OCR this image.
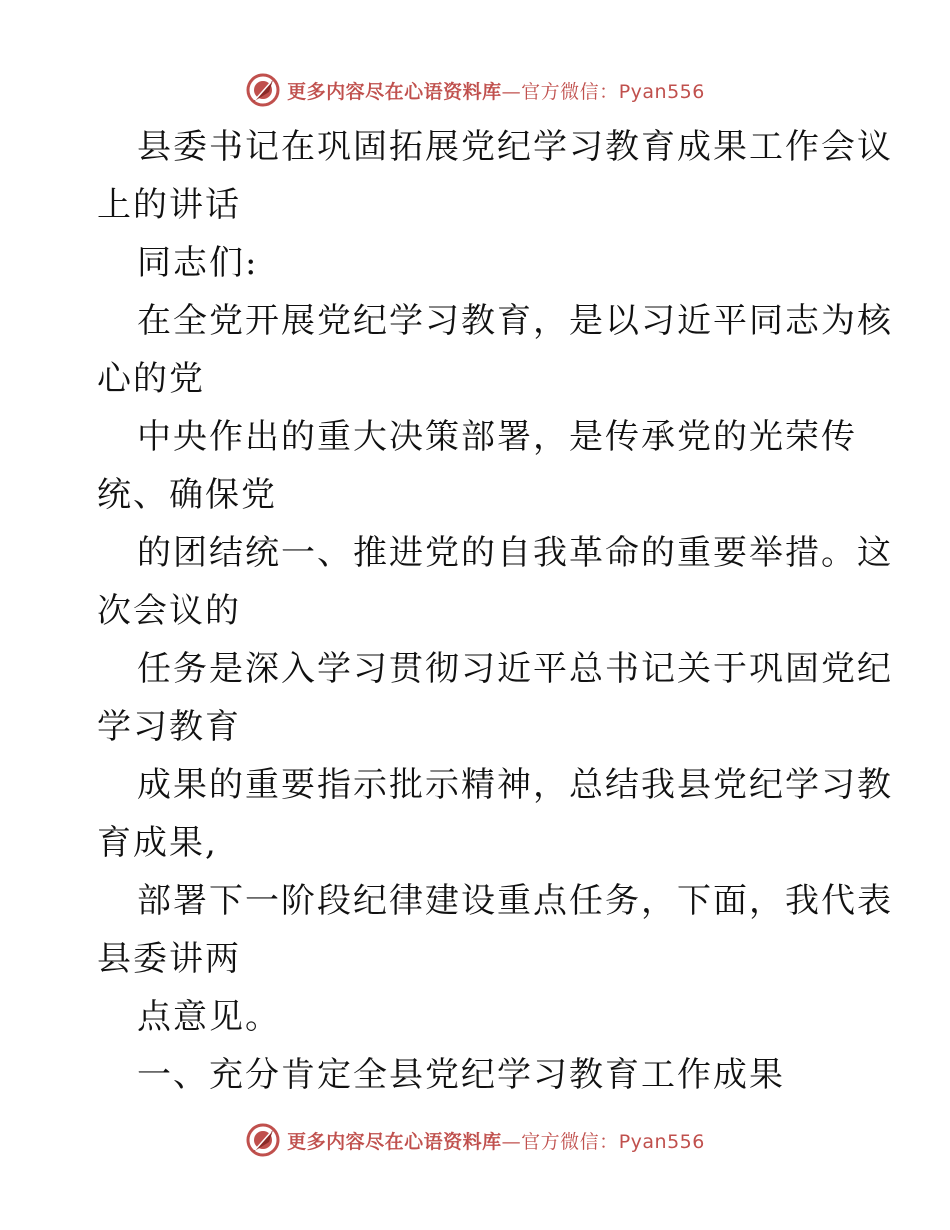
更多内容尽在心语资料库—官方微信：Pyan556
县委书记在巩固拓展党纪学习教育成果工作会议
上的讲话
同志们:
在全党开展党纪学习教育，是以习近平同志为核
心的党
中央作出的重大决策部署，是传承党的光荣传
统、确保党
的团结统一、推进党的自我革命的重要举措。这
次会议的
任务是深入学习贯彻习近平总书记关于巩固党纪
学习教育
成果的重要指示批示精神，总结我县党纪学习教
育成果,
部署下一阶段纪律建设重点任务，下面，我代表
县委讲两
点意见。
一、充分肯定全县党纪学习教育工作成果
更多内容尽在心语资料库—官方微信：Pyan556
